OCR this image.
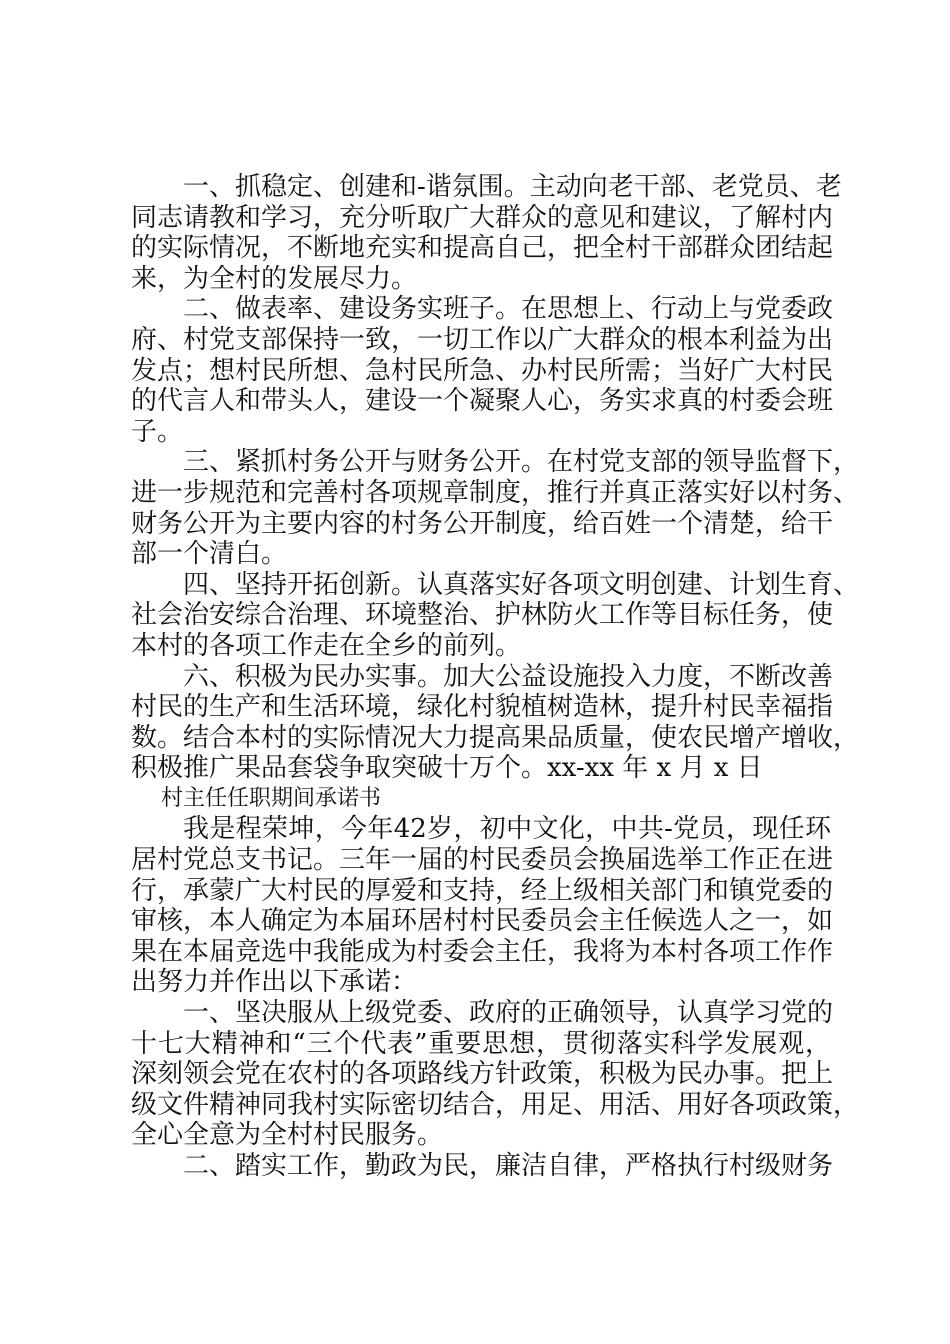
一、抓稳定、创建和-谐氛围。主动向老干部、老党员、老
同志请教和学习，充分听取广大群众的意见和建议，了解村内
的实际情况，不断地充实和提高自己，把全村干部群众团结起
来，为全村的发展尽力。
二、做表率、建设务实班子。在思想上、行动上与党委政
府、村党支部保持一致，一切工作以广大群众的根本利益为出
发点；想村民所想、急村民所急、办村民所需；当好广大村民
的代言人和带头人，建设一个凝聚人心，务实求真的村委会班
子。
三、紧抓村务公开与财务公开。在村党支部的领导监督下，
进一步规范和完善村各项规章制度，推行并真正落实好以村务、
财务公开为主要内容的村务公开制度，给百姓一个清楚，给干
部一个清白。
四、坚持开拓创新。认真落实好各项文明创建、计划生育、
社会治安综合治理、环境整治、护林防火工作等目标任务，使
本村的各项工作走在全乡的前列。
六、积极为民办实事。加大公益设施投入力度，不断改善
村民的生产和生活环境，绿化村貌植树造林，提升村民幸福指
数。结合本村的实际情况大力提高果品质量，使农民增产增收，
积极推广果品套袋争取突破十万个。xx-xx 年 x 月 x 日
村主任任职期间承诺书
我是程荣坤，今年42岁，初中文化，中共-党员，现任环
居村党总支书记。三年一届的村民委员会换届选举工作正在进
行，承蒙广大村民的厚爱和支持，经上级相关部门和镇党委的
审核，本人确定为本届环居村村民委员会主任候选人之一，如
果在本届竞选中我能成为村委会主任，我将为本村各项工作作
出努力并作出以下承诺：
一、坚决服从上级党委、政府的正确领导，认真学习党的
十七大精神和“三个代表”重要思想，贯彻落实科学发展观，
深刻领会党在农村的各项路线方针政策，积极为民办事。把上
级文件精神同我村实际密切结合，用足、用活、用好各项政策，
全心全意为全村村民服务。
二、踏实工作，勤政为民，廉洁自律，严格执行村级财务
